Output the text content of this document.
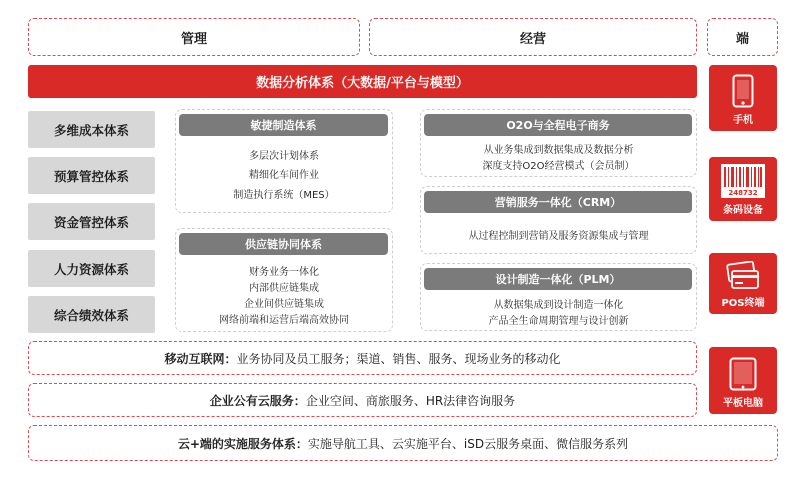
管理	经营	端
数据分析体系（大数据/平台与模型）
多维成本体系
预算管控体系
资金管控体系
人力资源体系
综合绩效体系
敏捷制造体系
多层次计划体系
精细化车间作业
制造执行系统（MES）
供应链协同体系
财务业务一体化
内部供应链集成
企业间供应链集成
网络前端和运营后端高效协同
O2O与全程电子商务
从业务集成到数据集成及数据分析
深度支持O2O经营模式（会员制）
营销服务一体化（CRM）
从过程控制到营销及服务资源集成与管理
设计制造一体化（PLM）
从数据集成到设计制造一体化
产品全生命周期管理与设计创新
移动互联网： 业务协同及员工服务；渠道、销售、服务、现场业务的移动化
企业公有云服务： 企业空间、商旅服务、HR法律咨询服务
云+端的实施服务体系： 实施导航工具、云实施平台、iSD云服务桌面、微信服务系列
手机
248732
条码设备
POS终端
平板电脑
